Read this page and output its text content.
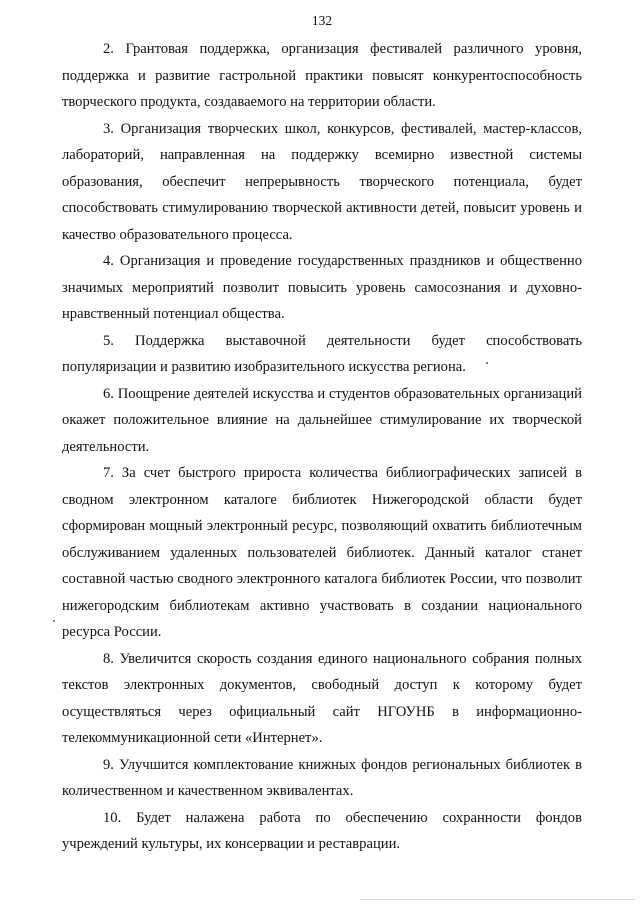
132

2. Грантовая поддержка, организация фестивалей различного уровня, поддержка и развитие гастрольной практики повысят конкурентоспособность творческого продукта, создаваемого на территории области.

3. Организация творческих школ, конкурсов, фестивалей, мастер-классов, лабораторий, направленная на поддержку всемирно известной системы образования, обеспечит непрерывность творческого потенциала, будет способствовать стимулированию творческой активности детей, повысит уровень и качество образовательного процесса.

4. Организация и проведение государственных праздников и общественно значимых мероприятий позволит повысить уровень самосознания и духовно-нравственный потенциал общества.

5. Поддержка выставочной деятельности будет способствовать популяризации и развитию изобразительного искусства региона.

6. Поощрение деятелей искусства и студентов образовательных организаций окажет положительное влияние на дальнейшее стимулирование их творческой деятельности.

7. За счет быстрого прироста количества библиографических записей в сводном электронном каталоге библиотек Нижегородской области будет сформирован мощный электронный ресурс, позволяющий охватить библиотечным обслуживанием удаленных пользователей библиотек. Данный каталог станет составной частью сводного электронного каталога библиотек России, что позволит нижегородским библиотекам активно участвовать в создании национального ресурса России.

8. Увеличится скорость создания единого национального собрания полных текстов электронных документов, свободный доступ к которому будет осуществляться через официальный сайт НГОУНБ в информационно-телекоммуникационной сети «Интернет».

9. Улучшится комплектование книжных фондов региональных библиотек в количественном и качественном эквивалентах.

10. Будет налажена работа по обеспечению сохранности фондов учреждений культуры, их консервации и реставрации.
